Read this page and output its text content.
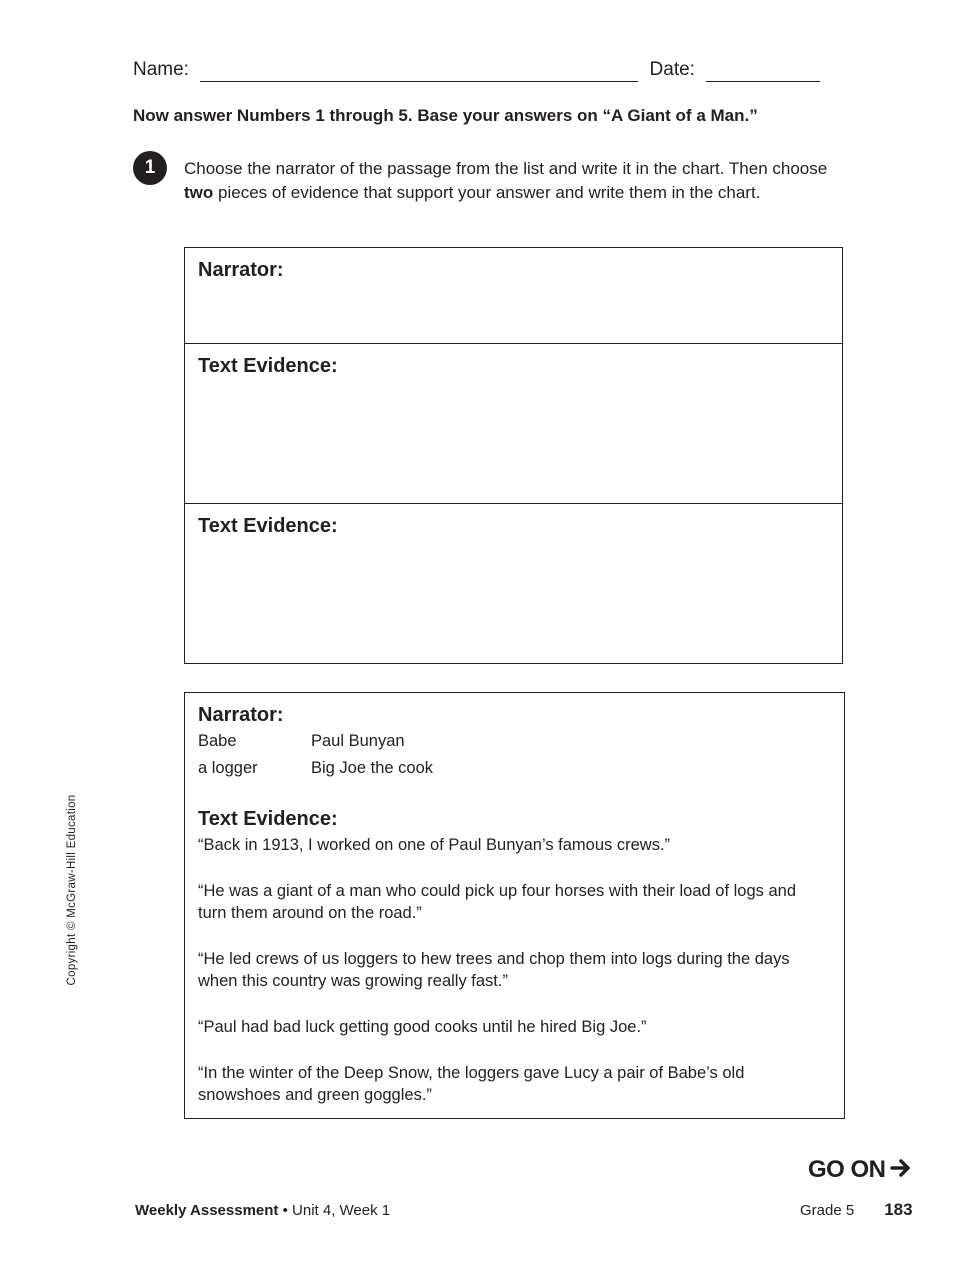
Name:	Date:
Now answer Numbers 1 through 5. Base your answers on “A Giant of a Man.”
1	Choose the narrator of the passage from the list and write it in the chart. Then choose two pieces of evidence that support your answer and write them in the chart.
Narrator:
Text Evidence:
Text Evidence:
Narrator:
Babe	Paul Bunyan
a logger	Big Joe the cook
Text Evidence:

“Back in 1913, I worked on one of Paul Bunyan’s famous crews.”

“He was a giant of a man who could pick up four horses with their load of logs and turn them around on the road.”

“He led crews of us loggers to hew trees and chop them into logs during the days when this country was growing really fast.”

“Paul had bad luck getting good cooks until he hired Big Joe.”

“In the winter of the Deep Snow, the loggers gave Lucy a pair of Babe’s old snowshoes and green goggles.”

Copyright © McGraw-Hill Education
GO ON
Weekly Assessment • Unit 4, Week 1	Grade 5 183
